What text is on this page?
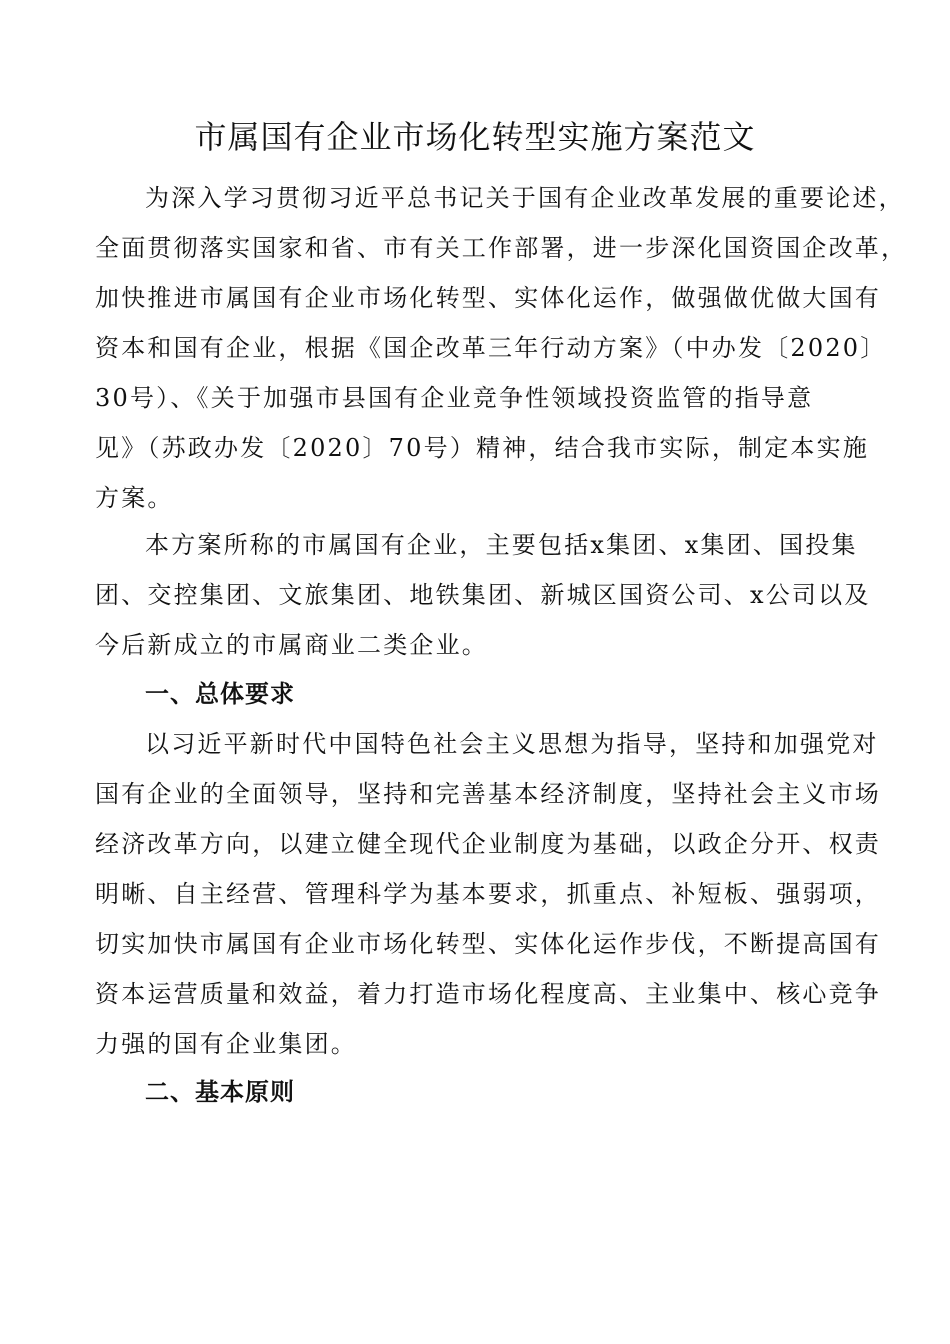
市属国有企业市场化转型实施方案范文
为深入学习贯彻习近平总书记关于国有企业改革发展的重要论述，
全面贯彻落实国家和省、市有关工作部署，进一步深化国资国企改革，
加快推进市属国有企业市场化转型、实体化运作，做强做优做大国有
资本和国有企业，根据《国企改革三年行动方案》（中办发〔2020〕
30号）、《关于加强市县国有企业竞争性领域投资监管的指导意
见》（苏政办发〔2020〕70号）精神，结合我市实际，制定本实施
方案。
本方案所称的市属国有企业，主要包括x集团、x集团、国投集
团、交控集团、文旅集团、地铁集团、新城区国资公司、x公司以及
今后新成立的市属商业二类企业。
一、总体要求
以习近平新时代中国特色社会主义思想为指导，坚持和加强党对
国有企业的全面领导，坚持和完善基本经济制度，坚持社会主义市场
经济改革方向，以建立健全现代企业制度为基础，以政企分开、权责
明晰、自主经营、管理科学为基本要求，抓重点、补短板、强弱项，
切实加快市属国有企业市场化转型、实体化运作步伐，不断提高国有
资本运营质量和效益，着力打造市场化程度高、主业集中、核心竞争
力强的国有企业集团。
二、基本原则
